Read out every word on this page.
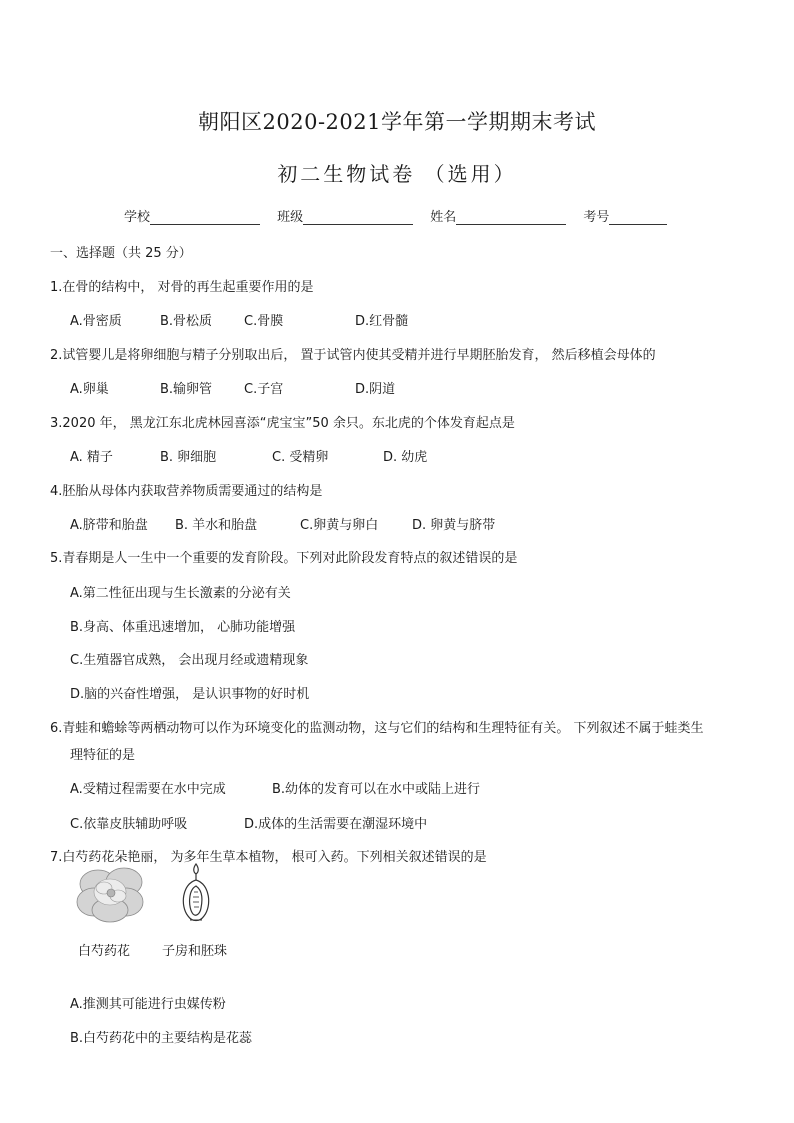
朝阳区2020-2021学年第一学期期末考试
初二生物试卷 （选用）
学校	班级	姓名	考号
一、选择题（共 25 分）
1.在骨的结构中， 对骨的再生起重要作用的是
A.骨密质	B.骨松质 C.骨膜	D.红骨髓
2.试管婴儿是将卵细胞与精子分别取出后， 置于试管内使其受精并进行早期胚胎发育， 然后移植会母体的
A.卵巢	B.输卵管 C.子宫	D.阴道
3.2020 年， 黑龙江东北虎林园喜添“虎宝宝”50 余只。东北虎的个体发育起点是
A. 精子	B. 卵细胞	C. 受精卵	D. 幼虎
4.胚胎从母体内获取营养物质需要通过的结构是
A.脐带和胎盘 B. 羊水和胎盘	C.卵黄与卵白	D. 卵黄与脐带
5.青春期是人一生中一个重要的发育阶段。下列对此阶段发育特点的叙述错误的是
A.第二性征出现与生长激素的分泌有关
B.身高、体重迅速增加， 心肺功能增强
C.生殖器官成熟， 会出现月经或遗精现象
D.脑的兴奋性增强， 是认识事物的好时机
6.青蛙和蟾蜍等两栖动物可以作为环境变化的监测动物，这与它们的结构和生理特征有关。 下列叙述不属于蛙类生
理特征的是
A.受精过程需要在水中完成	B.幼体的发育可以在水中或陆上进行
C.依靠皮肤辅助呼吸	D.成体的生活需要在潮湿环境中
7.白芍药花朵艳丽， 为多年生草本植物， 根可入药。下列相关叙述错误的是
白芍药花 子房和胚珠
A.推测其可能进行虫媒传粉
B.白芍药花中的主要结构是花蕊
